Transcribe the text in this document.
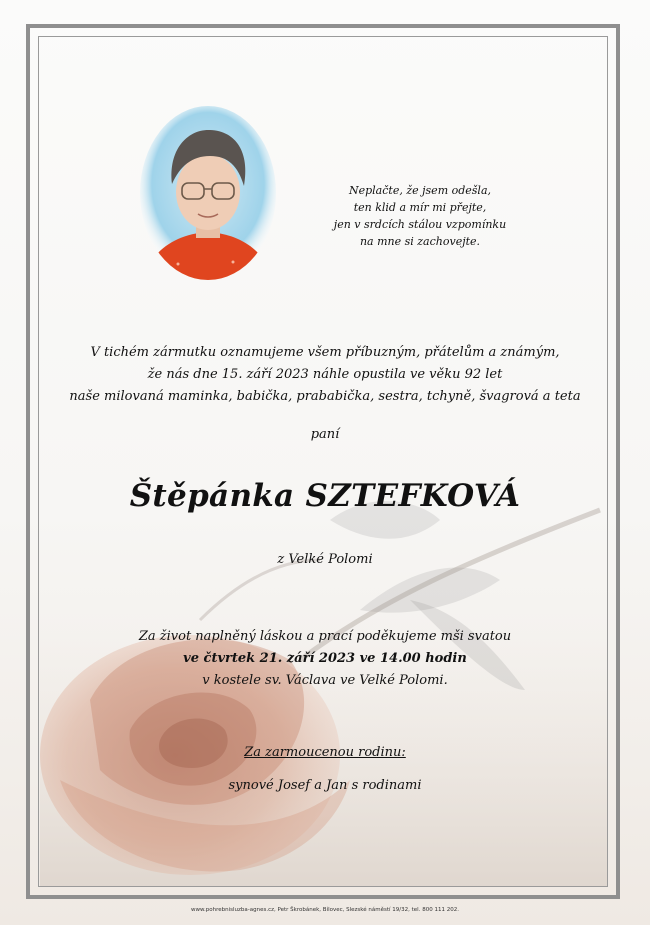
Neplačte, že jsem odešla,
ten klid a mír mi přejte,
jen v srdcích stálou vzpomínku
na mne si zachovejte.
V tichém zármutku oznamujeme všem příbuzným, přátelům a známým,
že nás dne 15. září 2023 náhle opustila ve věku 92 let
naše milovaná maminka, babička, prababička, sestra, tchyně, švagrová a teta
paní
Štěpánka SZTEFKOVÁ
z Velké Polomi
Za život naplněný láskou a prací poděkujeme mši svatou
ve čtvrtek 21. září 2023 ve 14.00 hodin
v kostele sv. Václava ve Velké Polomi.
Za zarmoucenou rodinu:
synové Josef a Jan s rodinami
www.pohrebnisluzba-agnes.cz, Petr Škrobánek, Bílovec, Slezské náměstí 19/32, tel. 800 111 202.
